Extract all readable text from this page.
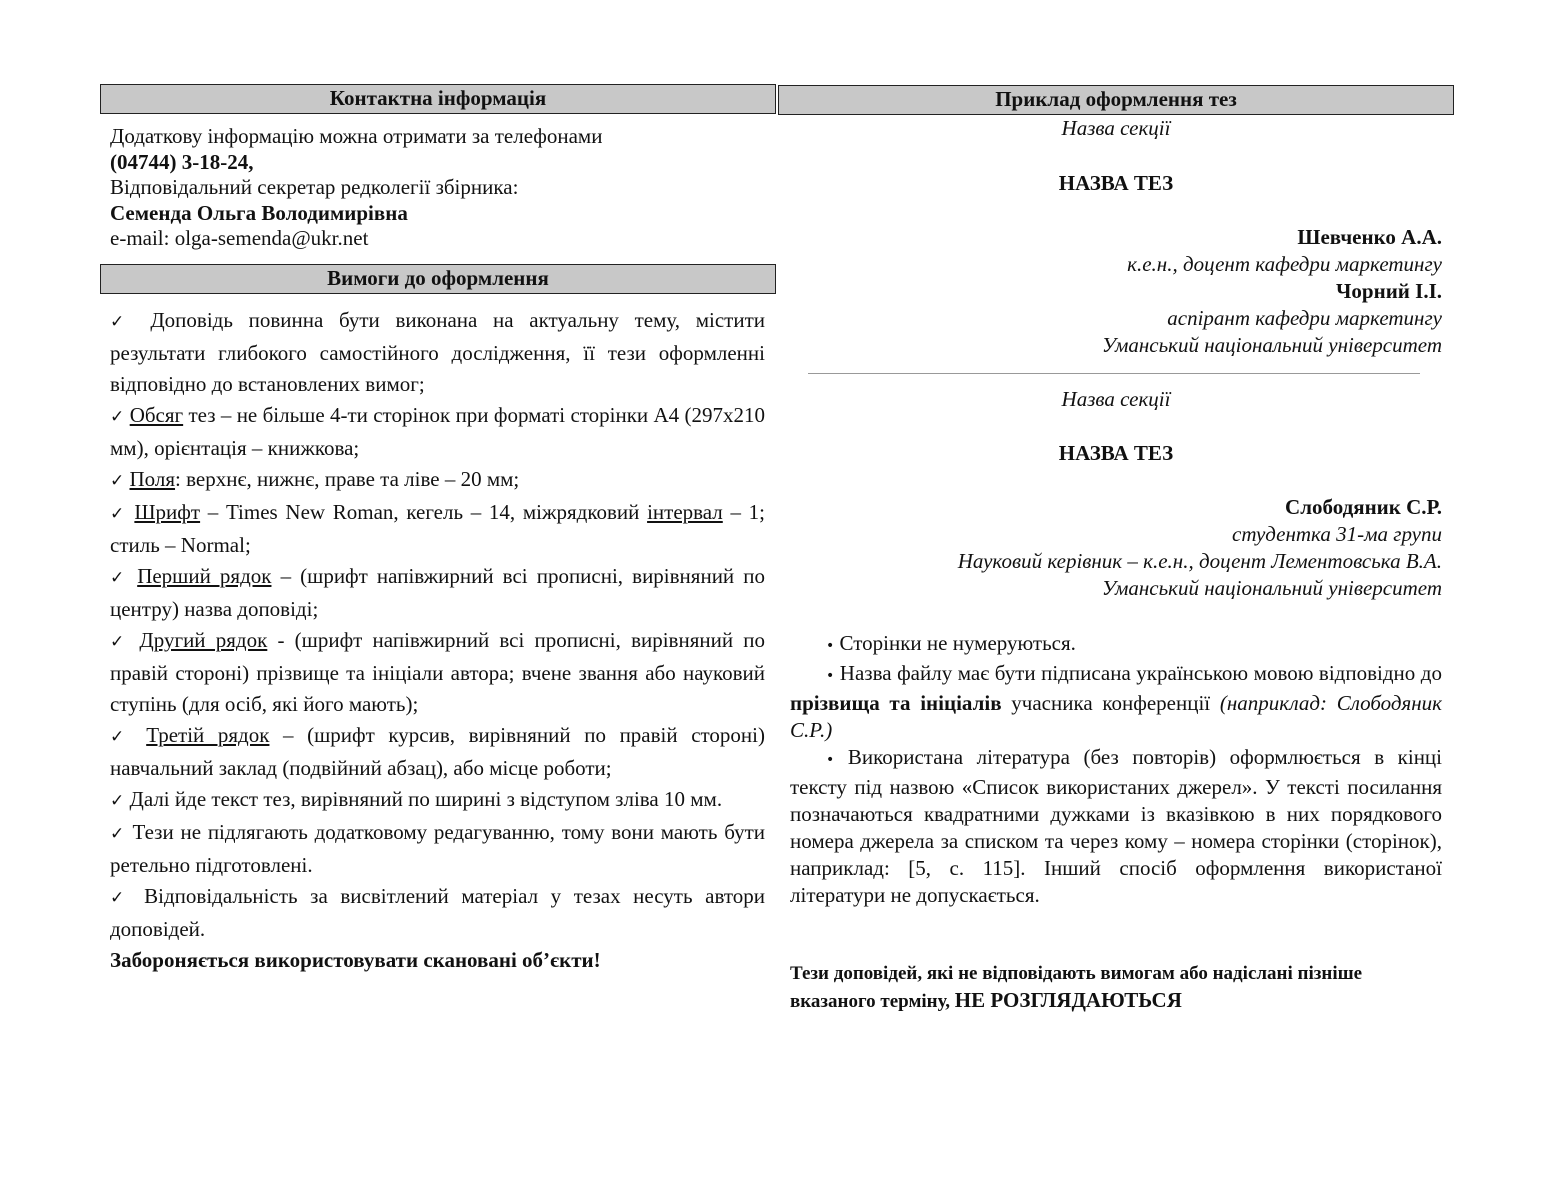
Контактна інформація
Додаткову інформацію можна отримати за телефонами
(04744) 3-18-24,
Відповідальний секретар редколегії збірника:
Семенда Ольга Володимирівна
e-mail: olga-semenda@ukr.net
Вимоги до оформлення

✓ Доповідь повинна бути виконана на актуальну тему, містити результати глибокого самостійного дослідження, її тези оформленні відповідно до встановлених вимог;

✓ Обсяг тез – не більше 4-ти сторінок при форматі сторінки А4 (297х210 мм), орієнтація – книжкова;

✓ Поля: верхнє, нижнє, праве та ліве – 20 мм;

✓ Шрифт – Times New Roman, кегель – 14, міжрядковий інтервал – 1; стиль – Normal;

✓ Перший рядок – (шрифт напівжирний всі прописні, вирівняний по центру) назва доповіді;

✓ Другий рядок - (шрифт напівжирний всі прописні, вирівняний по правій стороні) прізвище та ініціали автора; вчене звання або науковий ступінь (для осіб, які його мають);

✓ Третій рядок – (шрифт курсив, вирівняний по правій стороні) навчальний заклад (подвійний абзац), або місце роботи;

✓ Далі йде текст тез, вирівняний по ширині з відступом зліва 10 мм.

✓ Тези не підлягають додатковому редагуванню, тому вони мають бути ретельно підготовлені.

✓ Відповідальність за висвітлений матеріал у тезах несуть автори доповідей.

Забороняється використовувати скановані об’єкти!

Приклад оформлення тез
Назва секції
НАЗВА ТЕЗ
Шевченко А.А.
к.е.н., доцент кафедри маркетингу
Чорний І.І.
аспірант кафедри маркетингу
Уманський національний університет
Назва секції
НАЗВА ТЕЗ
Слободяник С.Р.
студентка 31-ма групи
Науковий керівник – к.е.н., доцент Лементовська В.А.
Уманський національний університет

• Сторінки не нумеруються.

• Назва файлу має бути підписана українською мовою відповідно до прізвища та ініціалів учасника конференції (наприклад: Слободяник С.Р.)

• Використана література (без повторів) оформлюється в кінці тексту під назвою «Список використаних джерел». У тексті посилання позначаються квадратними дужками із вказівкою в них порядкового номера джерела за списком та через кому – номера сторінки (сторінок), наприклад: [5, с. 115]. Інший спосіб оформлення використаної літератури не допускається.

Тези доповідей, які не відповідають вимогам або надіслані пізніше вказаного терміну, НЕ РОЗГЛЯДАЮТЬСЯ
